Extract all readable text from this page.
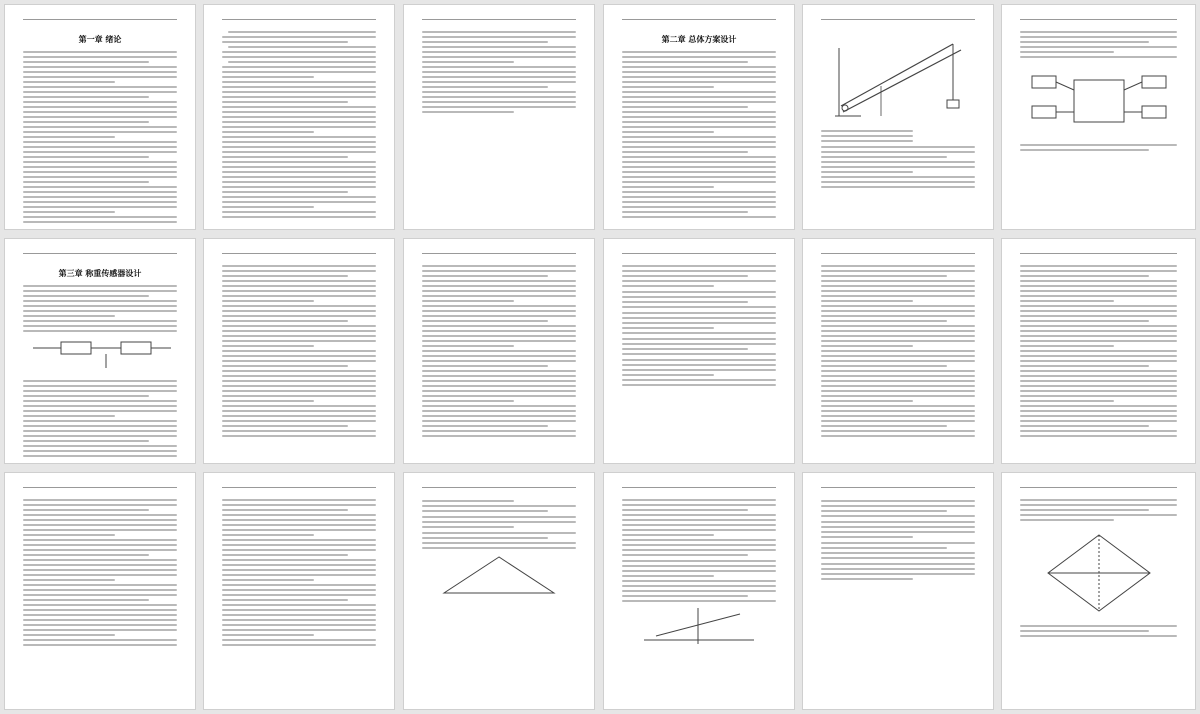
第一章 绪论	第二章 总体方案设计
第三章 称重传感器设计
